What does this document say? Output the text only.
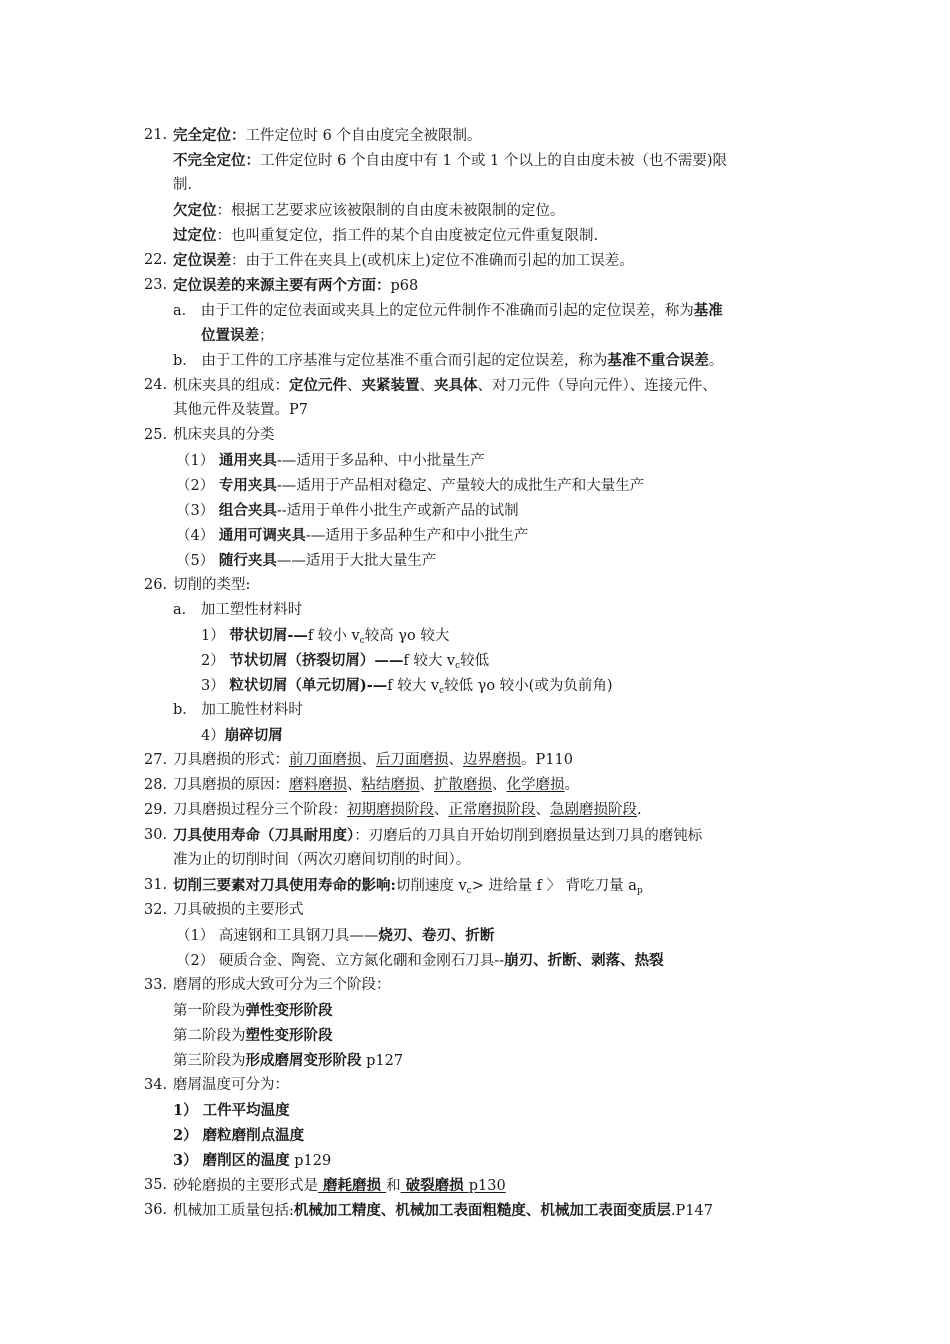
21. 完全定位：工件定位时 6 个自由度完全被限制。
不完全定位：工件定位时 6 个自由度中有 1 个或 1 个以上的自由度未被（也不需要)限
制.
欠定位：根据工艺要求应该被限制的自由度未被限制的定位。
过定位：也叫重复定位，指工件的某个自由度被定位元件重复限制.
22. 定位误差：由于工件在夹具上(或机床上)定位不准确而引起的加工误差。
23. 定位误差的来源主要有两个方面：p68
a． 由于工件的定位表面或夹具上的定位元件制作不准确而引起的定位误差，称为基准
位置误差；
b． 由于工件的工序基准与定位基准不重合而引起的定位误差，称为基准不重合误差。
24. 机床夹具的组成：定位元件、夹紧装置、夹具体、对刀元件（导向元件）、连接元件、
其他元件及装置。P7
25. 机床夹具的分类
（1） 通用夹具-—适用于多品种、中小批量生产
（2） 专用夹具-—适用于产品相对稳定、产量较大的成批生产和大量生产
（3） 组合夹具--适用于单件小批生产或新产品的试制
（4） 通用可调夹具-—适用于多品种生产和中小批生产
（5） 随行夹具——适用于大批大量生产
26. 切削的类型:
a． 加工塑性材料时
1） 带状切屑-—f 较小 $v_c$较高 γo 较大
2） 节状切屑（挤裂切屑）——f 较大 $v_c$较低
3） 粒状切屑（单元切屑)-—f 较大 $v_c$较低 γo 较小(或为负前角)
b． 加工脆性材料时
4）崩碎切屑
27. 刀具磨损的形式：前刀面磨损、后刀面磨损、边界磨损。P110
28. 刀具磨损的原因：磨料磨损、粘结磨损、扩散磨损、化学磨损。
29. 刀具磨损过程分三个阶段：初期磨损阶段、正常磨损阶段、急剧磨损阶段.
30. 刀具使用寿命（刀具耐用度）：刃磨后的刀具自开始切削到磨损量达到刀具的磨钝标
准为止的切削时间（两次刃磨间切削的时间）。
31. 切削三要素对刀具使用寿命的影响:切削速度 $v_c>$ 进给量 f 〉 背吃刀量 $a_p$
32. 刀具破损的主要形式
（1） 高速钢和工具钢刀具——烧刃、卷刃、折断
（2） 硬质合金、陶瓷、立方氮化硼和金刚石刀具--崩刃、折断、剥落、热裂
33. 磨屑的形成大致可分为三个阶段：
第一阶段为弹性变形阶段
第二阶段为塑性变形阶段
第三阶段为形成磨屑变形阶段 p127
34. 磨屑温度可分为：
1） 工件平均温度
2） 磨粒磨削点温度
3） 磨削区的温度 p129
35. 砂轮磨损的主要形式是 磨耗磨损 和 破裂磨损 p130
36. 机械加工质量包括:机械加工精度、机械加工表面粗糙度、机械加工表面变质层.P147
